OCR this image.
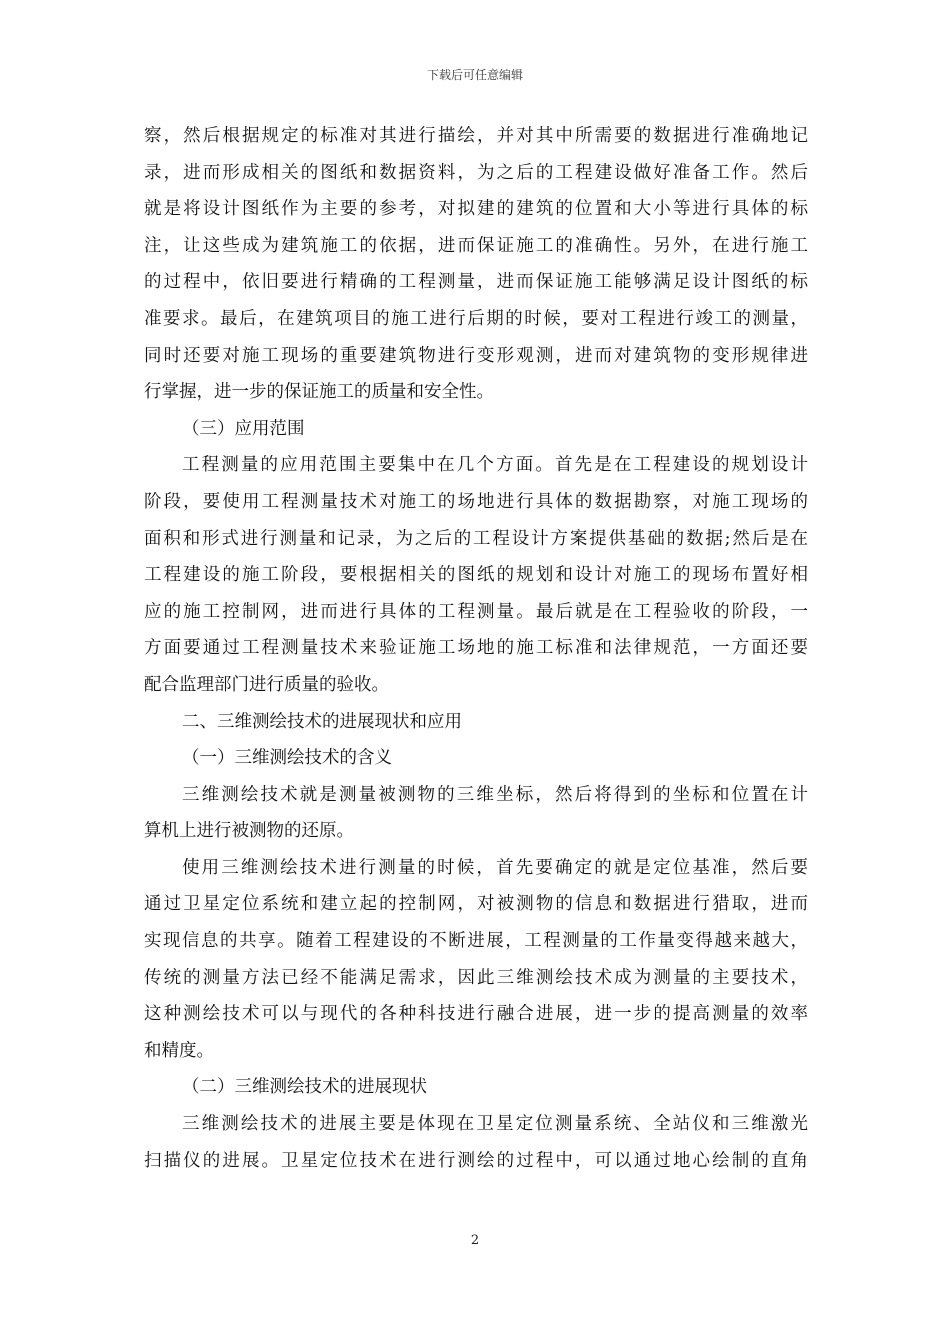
下载后可任意编辑

察，然后根据规定的标准对其进行描绘，并对其中所需要的数据进行准确地记
录，进而形成相关的图纸和数据资料，为之后的工程建设做好准备工作。然后
就是将设计图纸作为主要的参考，对拟建的建筑的位置和大小等进行具体的标
注，让这些成为建筑施工的依据，进而保证施工的准确性。另外，在进行施工
的过程中，依旧要进行精确的工程测量，进而保证施工能够满足设计图纸的标
准要求。最后，在建筑项目的施工进行后期的时候，要对工程进行竣工的测量，
同时还要对施工现场的重要建筑物进行变形观测，进而对建筑物的变形规律进
行掌握，进一步的保证施工的质量和安全性。

（三）应用范围

工程测量的应用范围主要集中在几个方面。首先是在工程建设的规划设计
阶段，要使用工程测量技术对施工的场地进行具体的数据勘察，对施工现场的
面积和形式进行测量和记录，为之后的工程设计方案提供基础的数据;然后是在
工程建设的施工阶段，要根据相关的图纸的规划和设计对施工的现场布置好相
应的施工控制网，进而进行具体的工程测量。最后就是在工程验收的阶段，一
方面要通过工程测量技术来验证施工场地的施工标准和法律规范，一方面还要
配合监理部门进行质量的验收。

二、三维测绘技术的进展现状和应用

（一）三维测绘技术的含义

三维测绘技术就是测量被测物的三维坐标，然后将得到的坐标和位置在计
算机上进行被测物的还原。

使用三维测绘技术进行测量的时候，首先要确定的就是定位基准，然后要
通过卫星定位系统和建立起的控制网，对被测物的信息和数据进行猎取，进而
实现信息的共享。随着工程建设的不断进展，工程测量的工作量变得越来越大，
传统的测量方法已经不能满足需求，因此三维测绘技术成为测量的主要技术，
这种测绘技术可以与现代的各种科技进行融合进展，进一步的提高测量的效率
和精度。

（二）三维测绘技术的进展现状

三维测绘技术的进展主要是体现在卫星定位测量系统、全站仪和三维激光
扫描仪的进展。卫星定位技术在进行测绘的过程中，可以通过地心绘制的直角

2
